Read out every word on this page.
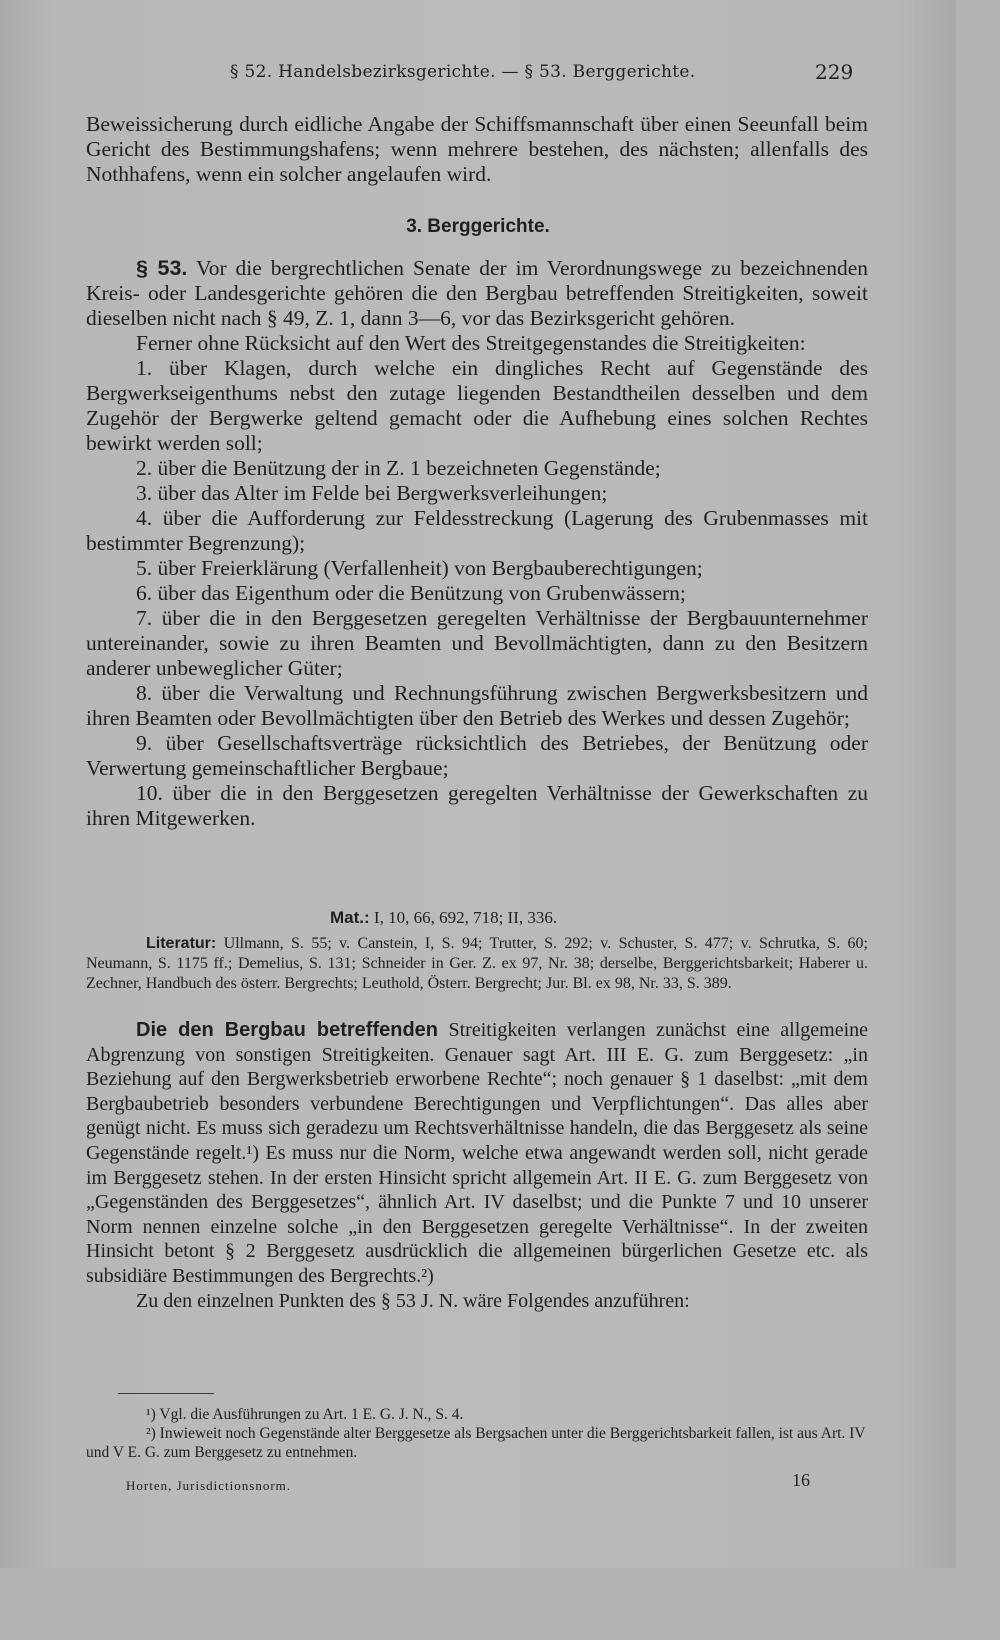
§ 52. Handelsbezirksgerichte. — § 53. Berggerichte.	229

Beweissicherung durch eidliche Angabe der Schiffsmannschaft über einen Seeunfall beim Gericht des Bestimmungshafens; wenn mehrere bestehen, des nächsten; allenfalls des Nothhafens, wenn ein solcher angelaufen wird.

3. Berggerichte.

§ 53. Vor die bergrechtlichen Senate der im Verordnungswege zu bezeichnenden Kreis- oder Landesgerichte gehören die den Bergbau betreffenden Streitigkeiten, soweit dieselben nicht nach § 49, Z. 1, dann 3—6, vor das Bezirksgericht gehören.

Ferner ohne Rücksicht auf den Wert des Streitgegenstandes die Streitigkeiten:

1. über Klagen, durch welche ein dingliches Recht auf Gegenstände des Bergwerkseigenthums nebst den zutage liegenden Bestandtheilen desselben und dem Zugehör der Bergwerke geltend gemacht oder die Aufhebung eines solchen Rechtes bewirkt werden soll;

2. über die Benützung der in Z. 1 bezeichneten Gegenstände;

3. über das Alter im Felde bei Bergwerksverleihungen;

4. über die Aufforderung zur Feldesstreckung (Lagerung des Grubenmasses mit bestimmter Begrenzung);

5. über Freierklärung (Verfallenheit) von Bergbauberechtigungen;

6. über das Eigenthum oder die Benützung von Grubenwässern;

7. über die in den Berggesetzen geregelten Verhältnisse der Bergbauunternehmer untereinander, sowie zu ihren Beamten und Bevollmächtigten, dann zu den Besitzern anderer unbeweglicher Güter;

8. über die Verwaltung und Rechnungsführung zwischen Bergwerksbesitzern und ihren Beamten oder Bevollmächtigten über den Betrieb des Werkes und dessen Zugehör;

9. über Gesellschaftsverträge rücksichtlich des Betriebes, der Benützung oder Verwertung gemeinschaftlicher Bergbaue;

10. über die in den Berggesetzen geregelten Verhältnisse der Gewerkschaften zu ihren Mitgewerken.

Mat.: I, 10, 66, 692, 718; II, 336.
Literatur: Ullmann, S. 55; v. Canstein, I, S. 94; Trutter, S. 292; v. Schuster, S. 477; v. Schrutka, S. 60; Neumann, S. 1175 ff.; Demelius, S. 131; Schneider in Ger. Z. ex 97, Nr. 38; derselbe, Berggerichtsbarkeit; Haberer u. Zechner, Handbuch des österr. Bergrechts; Leuthold, Österr. Bergrecht; Jur. Bl. ex 98, Nr. 33, S. 389.

Die den Bergbau betreffenden Streitigkeiten verlangen zunächst eine allgemeine Abgrenzung von sonstigen Streitigkeiten. Genauer sagt Art. III E. G. zum Berggesetz: „in Beziehung auf den Bergwerksbetrieb erworbene Rechte“; noch genauer § 1 daselbst: „mit dem Bergbaubetrieb besonders verbundene Berechtigungen und Verpflichtungen“. Das alles aber genügt nicht. Es muss sich geradezu um Rechtsverhältnisse handeln, die das Berggesetz als seine Gegenstände regelt.¹) Es muss nur die Norm, welche etwa angewandt werden soll, nicht gerade im Berggesetz stehen. In der ersten Hinsicht spricht allgemein Art. II E. G. zum Berggesetz von „Gegenständen des Berggesetzes“, ähnlich Art. IV daselbst; und die Punkte 7 und 10 unserer Norm nennen einzelne solche „in den Berggesetzen geregelte Verhältnisse“. In der zweiten Hinsicht betont § 2 Berggesetz ausdrücklich die allgemeinen bürgerlichen Gesetze etc. als subsidiäre Bestimmungen des Bergrechts.²)

Zu den einzelnen Punkten des § 53 J. N. wäre Folgendes anzuführen:

¹) Vgl. die Ausführungen zu Art. 1 E. G. J. N., S. 4.

²) Inwieweit noch Gegenstände alter Berggesetze als Bergsachen unter die Berggerichtsbarkeit fallen, ist aus Art. IV und V E. G. zum Berggesetz zu entnehmen.

Horten, Jurisdictionsnorm.	16
